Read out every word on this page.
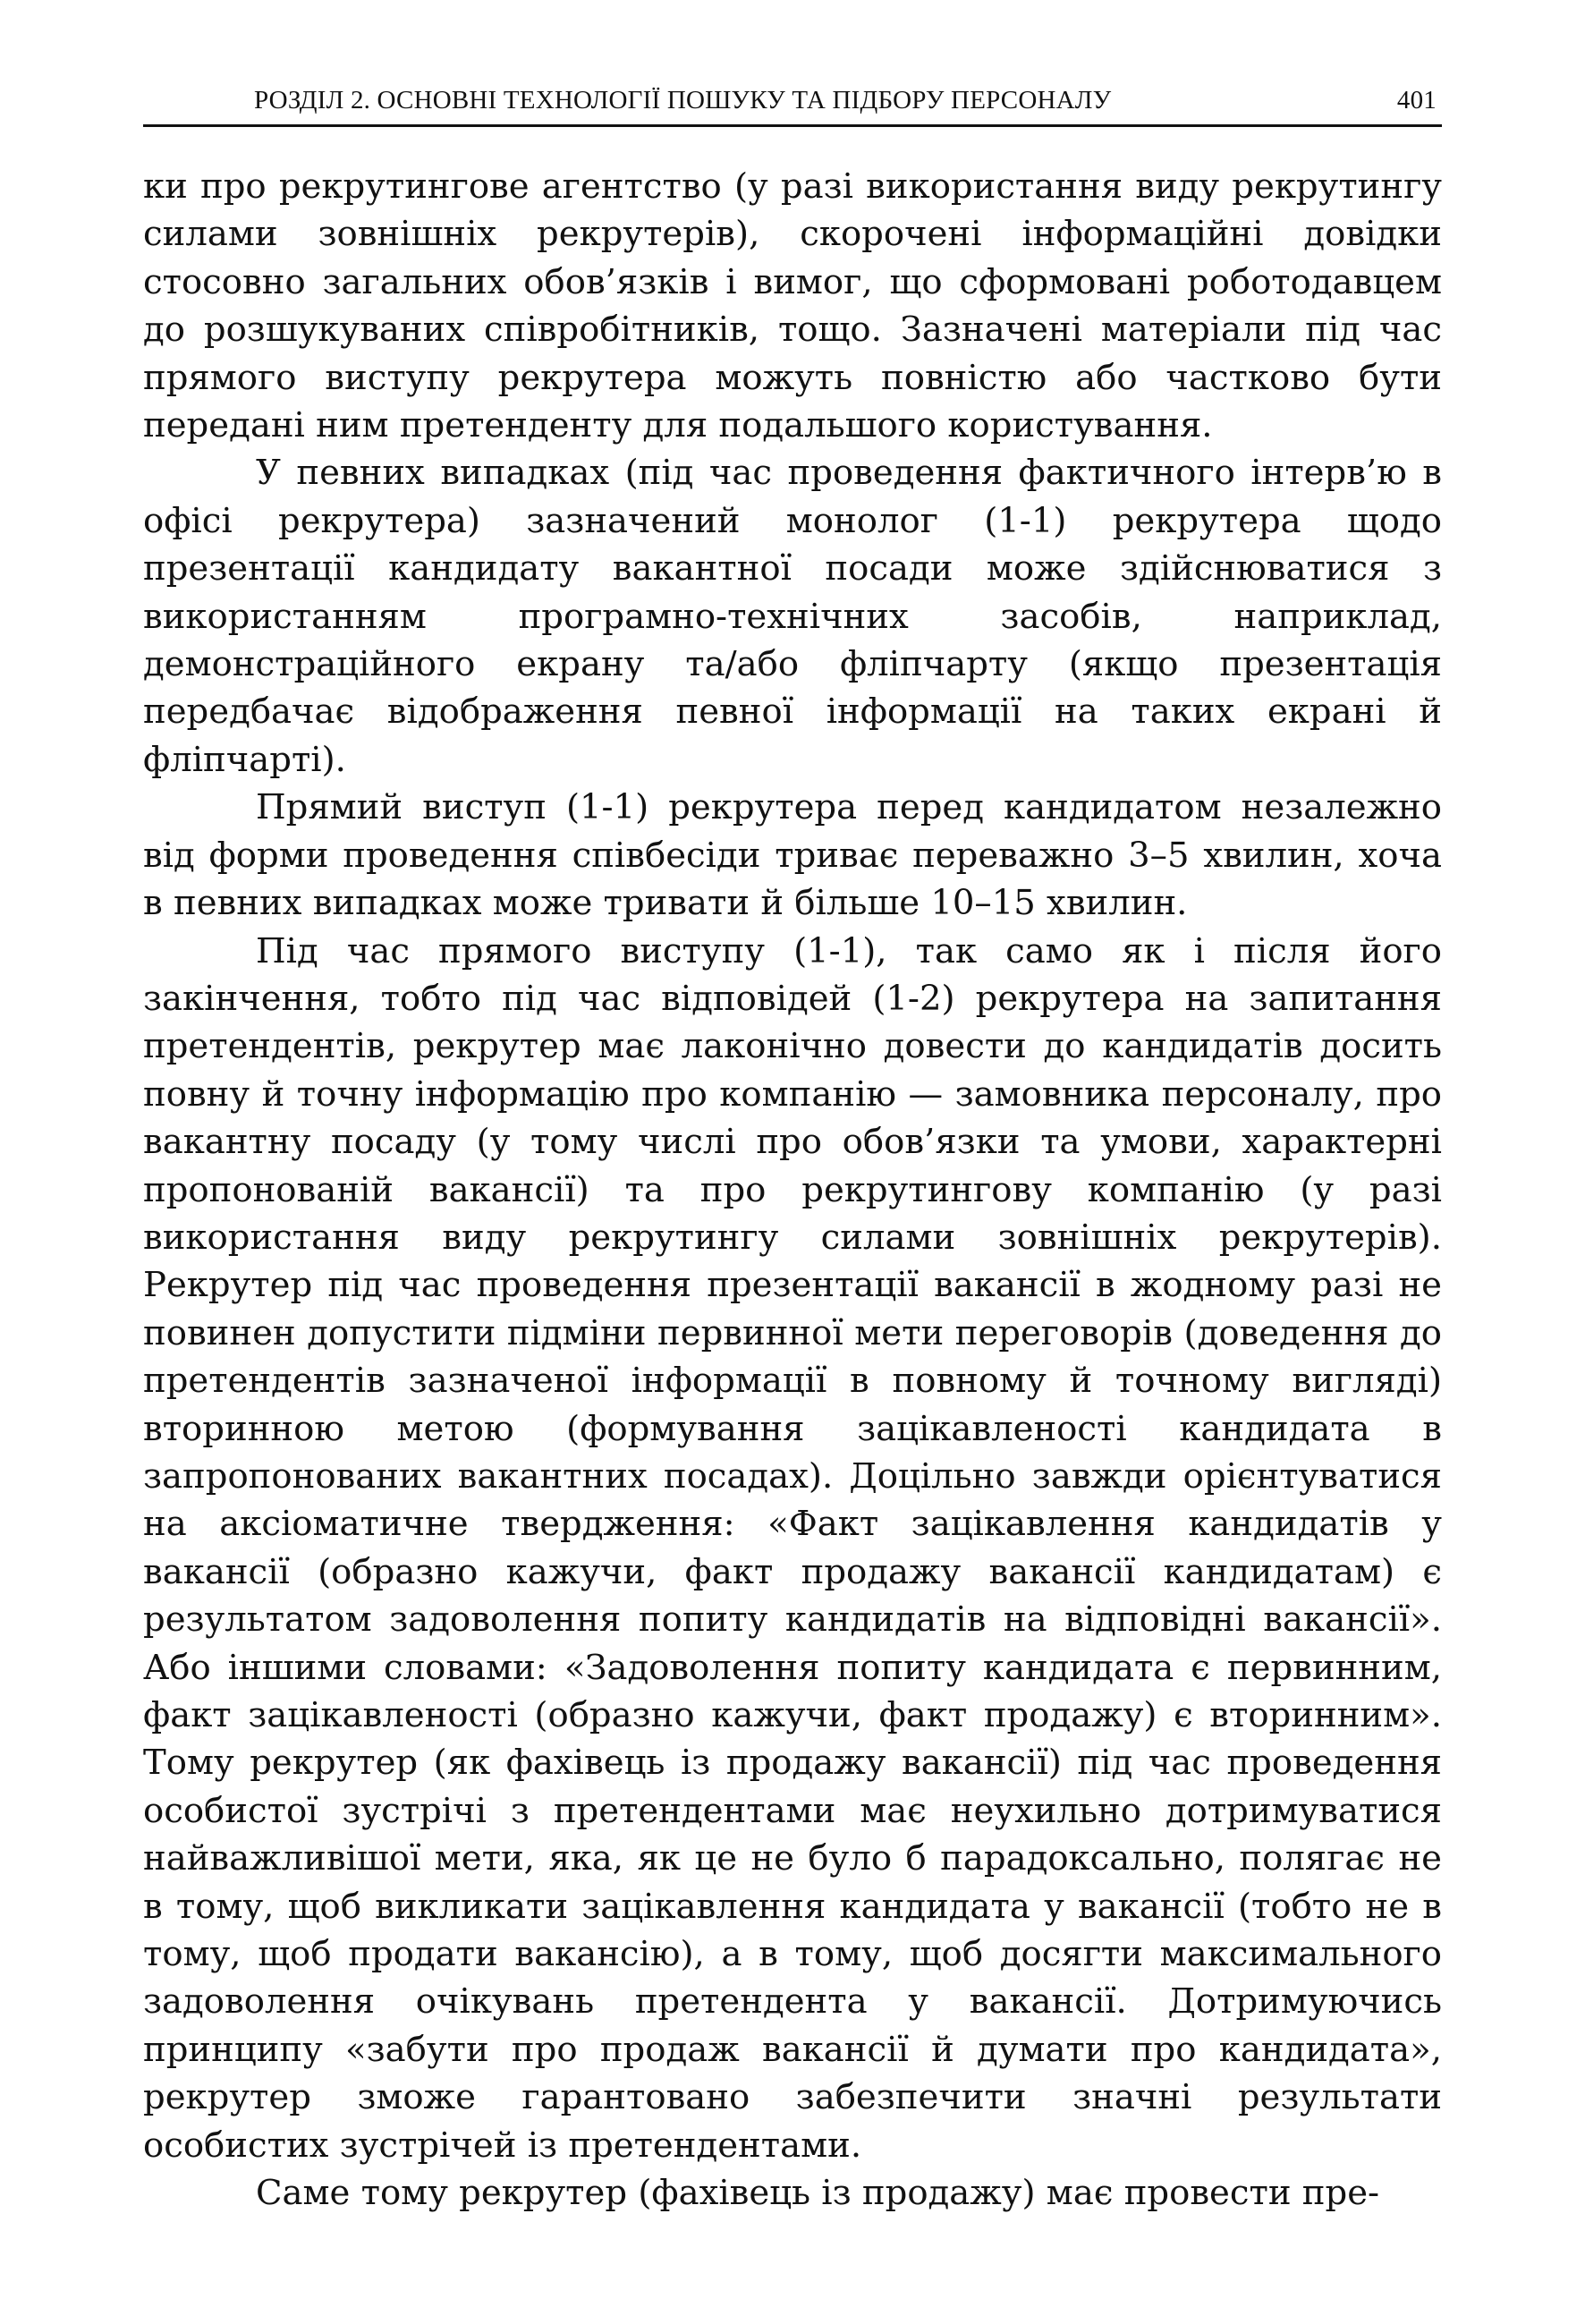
РОЗДІЛ 2. ОСНОВНІ ТЕХНОЛОГІЇ ПОШУКУ ТА ПІДБОРУ ПЕРСОНАЛУ	401

ки про рекрутингове агентство (у разі використання виду рекрутингу силами зовнішніх рекрутерів), скорочені інформаційні довідки стосовно загальних обов’язків і вимог, що сформовані роботодавцем до розшукуваних співробітників, тощо. Зазначені матеріали під час прямого виступу рекрутера можуть повністю або частково бути передані ним претенденту для подальшого користування.

У певних випадках (під час проведення фактичного інтерв’ю в офісі рекрутера) зазначений монолог (1-1) рекрутера щодо презентації кандидату вакантної посади може здійснюватися з використанням програмно-технічних засобів, наприклад, демонстраційного екрану та/або фліпчарту (якщо презентація передбачає відображення певної інформації на таких екрані й фліпчарті).

Прямий виступ (1-1) рекрутера перед кандидатом незалежно від форми проведення співбесіди триває переважно 3–5 хвилин, хоча в певних випадках може тривати й більше 10–15 хвилин.

Під час прямого виступу (1-1), так само як і після його закінчення, тобто під час відповідей (1-2) рекрутера на запитання претендентів, рекрутер має лаконічно довести до кандидатів досить повну й точну інформацію про компанію — замовника персоналу, про вакантну посаду (у тому числі про обов’язки та умови, характерні пропонованій вакансії) та про рекрутингову компанію (у разі використання виду рекрутингу силами зовнішніх рекрутерів). Рекрутер під час проведення презентації вакансії в жодному разі не повинен допустити підміни первинної мети переговорів (доведення до претендентів зазначеної інформації в повному й точному вигляді) вторинною метою (формування зацікавленості кандидата в запропонованих вакантних посадах). Доцільно завжди орієнтуватися на аксіоматичне твердження: «Факт зацікавлення кандидатів у вакансії (образно кажучи, факт продажу вакансії кандидатам) є результатом задоволення попиту кандидатів на відповідні вакансії». Або іншими словами: «Задоволення попиту кандидата є первинним, факт зацікавленості (образно кажучи, факт продажу) є вторинним». Тому рекрутер (як фахівець із продажу вакансії) під час проведення особистої зустрічі з претендентами має неухильно дотримуватися найважливішої мети, яка, як це не було б парадоксально, полягає не в тому, щоб викликати зацікавлення кандидата у вакансії (тобто не в тому, щоб продати вакансію), а в тому, щоб досягти максимального задоволення очікувань претендента у вакансії. Дотримуючись принципу «забути про продаж вакансії й думати про кандидата», рекрутер зможе гарантовано забезпечити значні результати особистих зустрічей із претендентами.

Саме тому рекрутер (фахівець із продажу) має провести пре-
